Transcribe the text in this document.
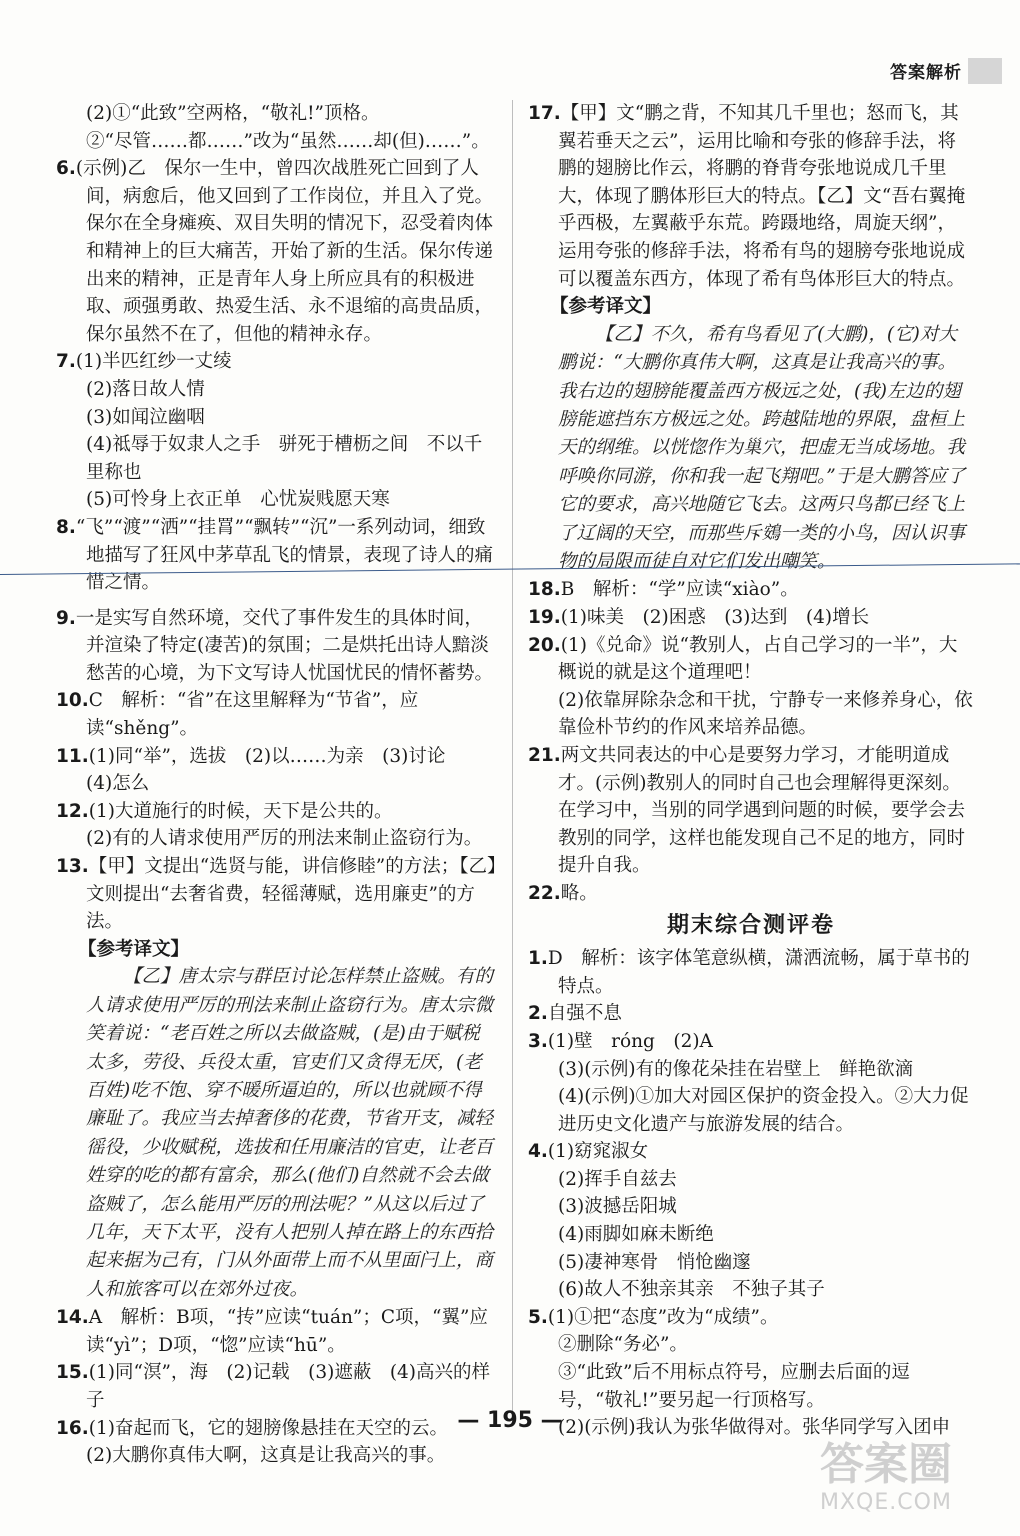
答案解析

(2)①“此致”空两格，“敬礼!”顶格。

②“尽管……都……”改为“虽然……却(但)……”。

6.(示例)乙　保尔一生中，曾四次战胜死亡回到了人间，病愈后，他又回到了工作岗位，并且入了党。保尔在全身瘫痪、双目失明的情况下，忍受着肉体和精神上的巨大痛苦，开始了新的生活。保尔传递出来的精神，正是青年人身上所应具有的积极进取、顽强勇敢、热爱生活、永不退缩的高贵品质，保尔虽然不在了，但他的精神永存。

7.(1)半匹红纱一丈绫

(2)落日故人情

(3)如闻泣幽咽

(4)祗辱于奴隶人之手　骈死于槽枥之间　不以千里称也

(5)可怜身上衣正单　心忧炭贱愿天寒

8.“飞”“渡”“洒”“挂罥”“飘转”“沉”一系列动词，细致地描写了狂风中茅草乱飞的情景，表现了诗人的痛惜之情。

9.一是实写自然环境，交代了事件发生的具体时间，并渲染了特定(凄苦)的氛围；二是烘托出诗人黯淡愁苦的心境，为下文写诗人忧国忧民的情怀蓄势。

10.C　解析：“省”在这里解释为“节省”，应读“shěng”。

11.(1)同“举”，选拔　(2)以……为亲　(3)讨论

(4)怎么

12.(1)大道施行的时候，天下是公共的。

(2)有的人请求使用严厉的刑法来制止盗窃行为。

13.【甲】文提出“选贤与能，讲信修睦”的方法；【乙】文则提出“去奢省费，轻徭薄赋，选用廉吏”的方法。

【参考译文】

【乙】唐太宗与群臣讨论怎样禁止盗贼。有的人请求使用严厉的刑法来制止盗窃行为。唐太宗微笑着说：“老百姓之所以去做盗贼，(是)由于赋税太多，劳役、兵役太重，官吏们又贪得无厌，(老百姓)吃不饱、穿不暖所逼迫的，所以也就顾不得廉耻了。我应当去掉奢侈的花费，节省开支，减轻徭役，少收赋税，选拔和任用廉洁的官吏，让老百姓穿的吃的都有富余，那么(他们)自然就不会去做盗贼了，怎么能用严厉的刑法呢？”从这以后过了几年，天下太平，没有人把别人掉在路上的东西拾起来据为己有，门从外面带上而不从里面闩上，商人和旅客可以在郊外过夜。

14.A　解析：B项，“抟”应读“tuán”；C项，“翼”应读“yì”；D项，“惚”应读“hū”。

15.(1)同“溟”，海　(2)记载　(3)遮蔽　(4)高兴的样子

16.(1)奋起而飞，它的翅膀像悬挂在天空的云。

(2)大鹏你真伟大啊，这真是让我高兴的事。

17.【甲】文“鹏之背，不知其几千里也；怒而飞，其翼若垂天之云”，运用比喻和夸张的修辞手法，将鹏的翅膀比作云，将鹏的脊背夸张地说成几千里大，体现了鹏体形巨大的特点。【乙】文“吾右翼掩乎西极，左翼蔽乎东荒。跨蹑地络，周旋天纲”，运用夸张的修辞手法，将希有鸟的翅膀夸张地说成可以覆盖东西方，体现了希有鸟体形巨大的特点。

【参考译文】

【乙】不久，希有鸟看见了(大鹏)，(它)对大鹏说：“大鹏你真伟大啊，这真是让我高兴的事。我右边的翅膀能覆盖西方极远之处，(我)左边的翅膀能遮挡东方极远之处。跨越陆地的界限，盘桓上天的纲维。以恍惚作为巢穴，把虚无当成场地。我呼唤你同游，你和我一起飞翔吧。”于是大鹏答应了它的要求，高兴地随它飞去。这两只鸟都已经飞上了辽阔的天空，而那些斥鴳一类的小鸟，因认识事物的局限而徒自对它们发出嘲笑。

18.B　解析：“学”应读“xiào”。

19.(1)味美　(2)困惑　(3)达到　(4)增长

20.(1)《兑命》说“教别人，占自己学习的一半”，大概说的就是这个道理吧！

(2)依靠屏除杂念和干扰，宁静专一来修养身心，依靠俭朴节约的作风来培养品德。

21.两文共同表达的中心是要努力学习，才能明道成才。(示例)教别人的同时自己也会理解得更深刻。在学习中，当别的同学遇到问题的时候，要学会去教别的同学，这样也能发现自己不足的地方，同时提升自我。

22.略。

期末综合测评卷

1.D　解析：该字体笔意纵横，潇洒流畅，属于草书的特点。

2.自强不息

3.(1)壁　róng　(2)A

(3)(示例)有的像花朵挂在岩壁上　鲜艳欲滴

(4)(示例)①加大对园区保护的资金投入。②大力促进历史文化遗产与旅游发展的结合。

4.(1)窈窕淑女

(2)挥手自兹去

(3)波撼岳阳城

(4)雨脚如麻未断绝

(5)凄神寒骨　悄怆幽邃

(6)故人不独亲其亲　不独子其子

5.(1)①把“态度”改为“成绩”。

②删除“务必”。

③“此致”后不用标点符号，应删去后面的逗号，“敬礼!”要另起一行顶格写。

(2)(示例)我认为张华做得对。张华同学写入团申

— 195 —
答案圈
MXQE.COM
